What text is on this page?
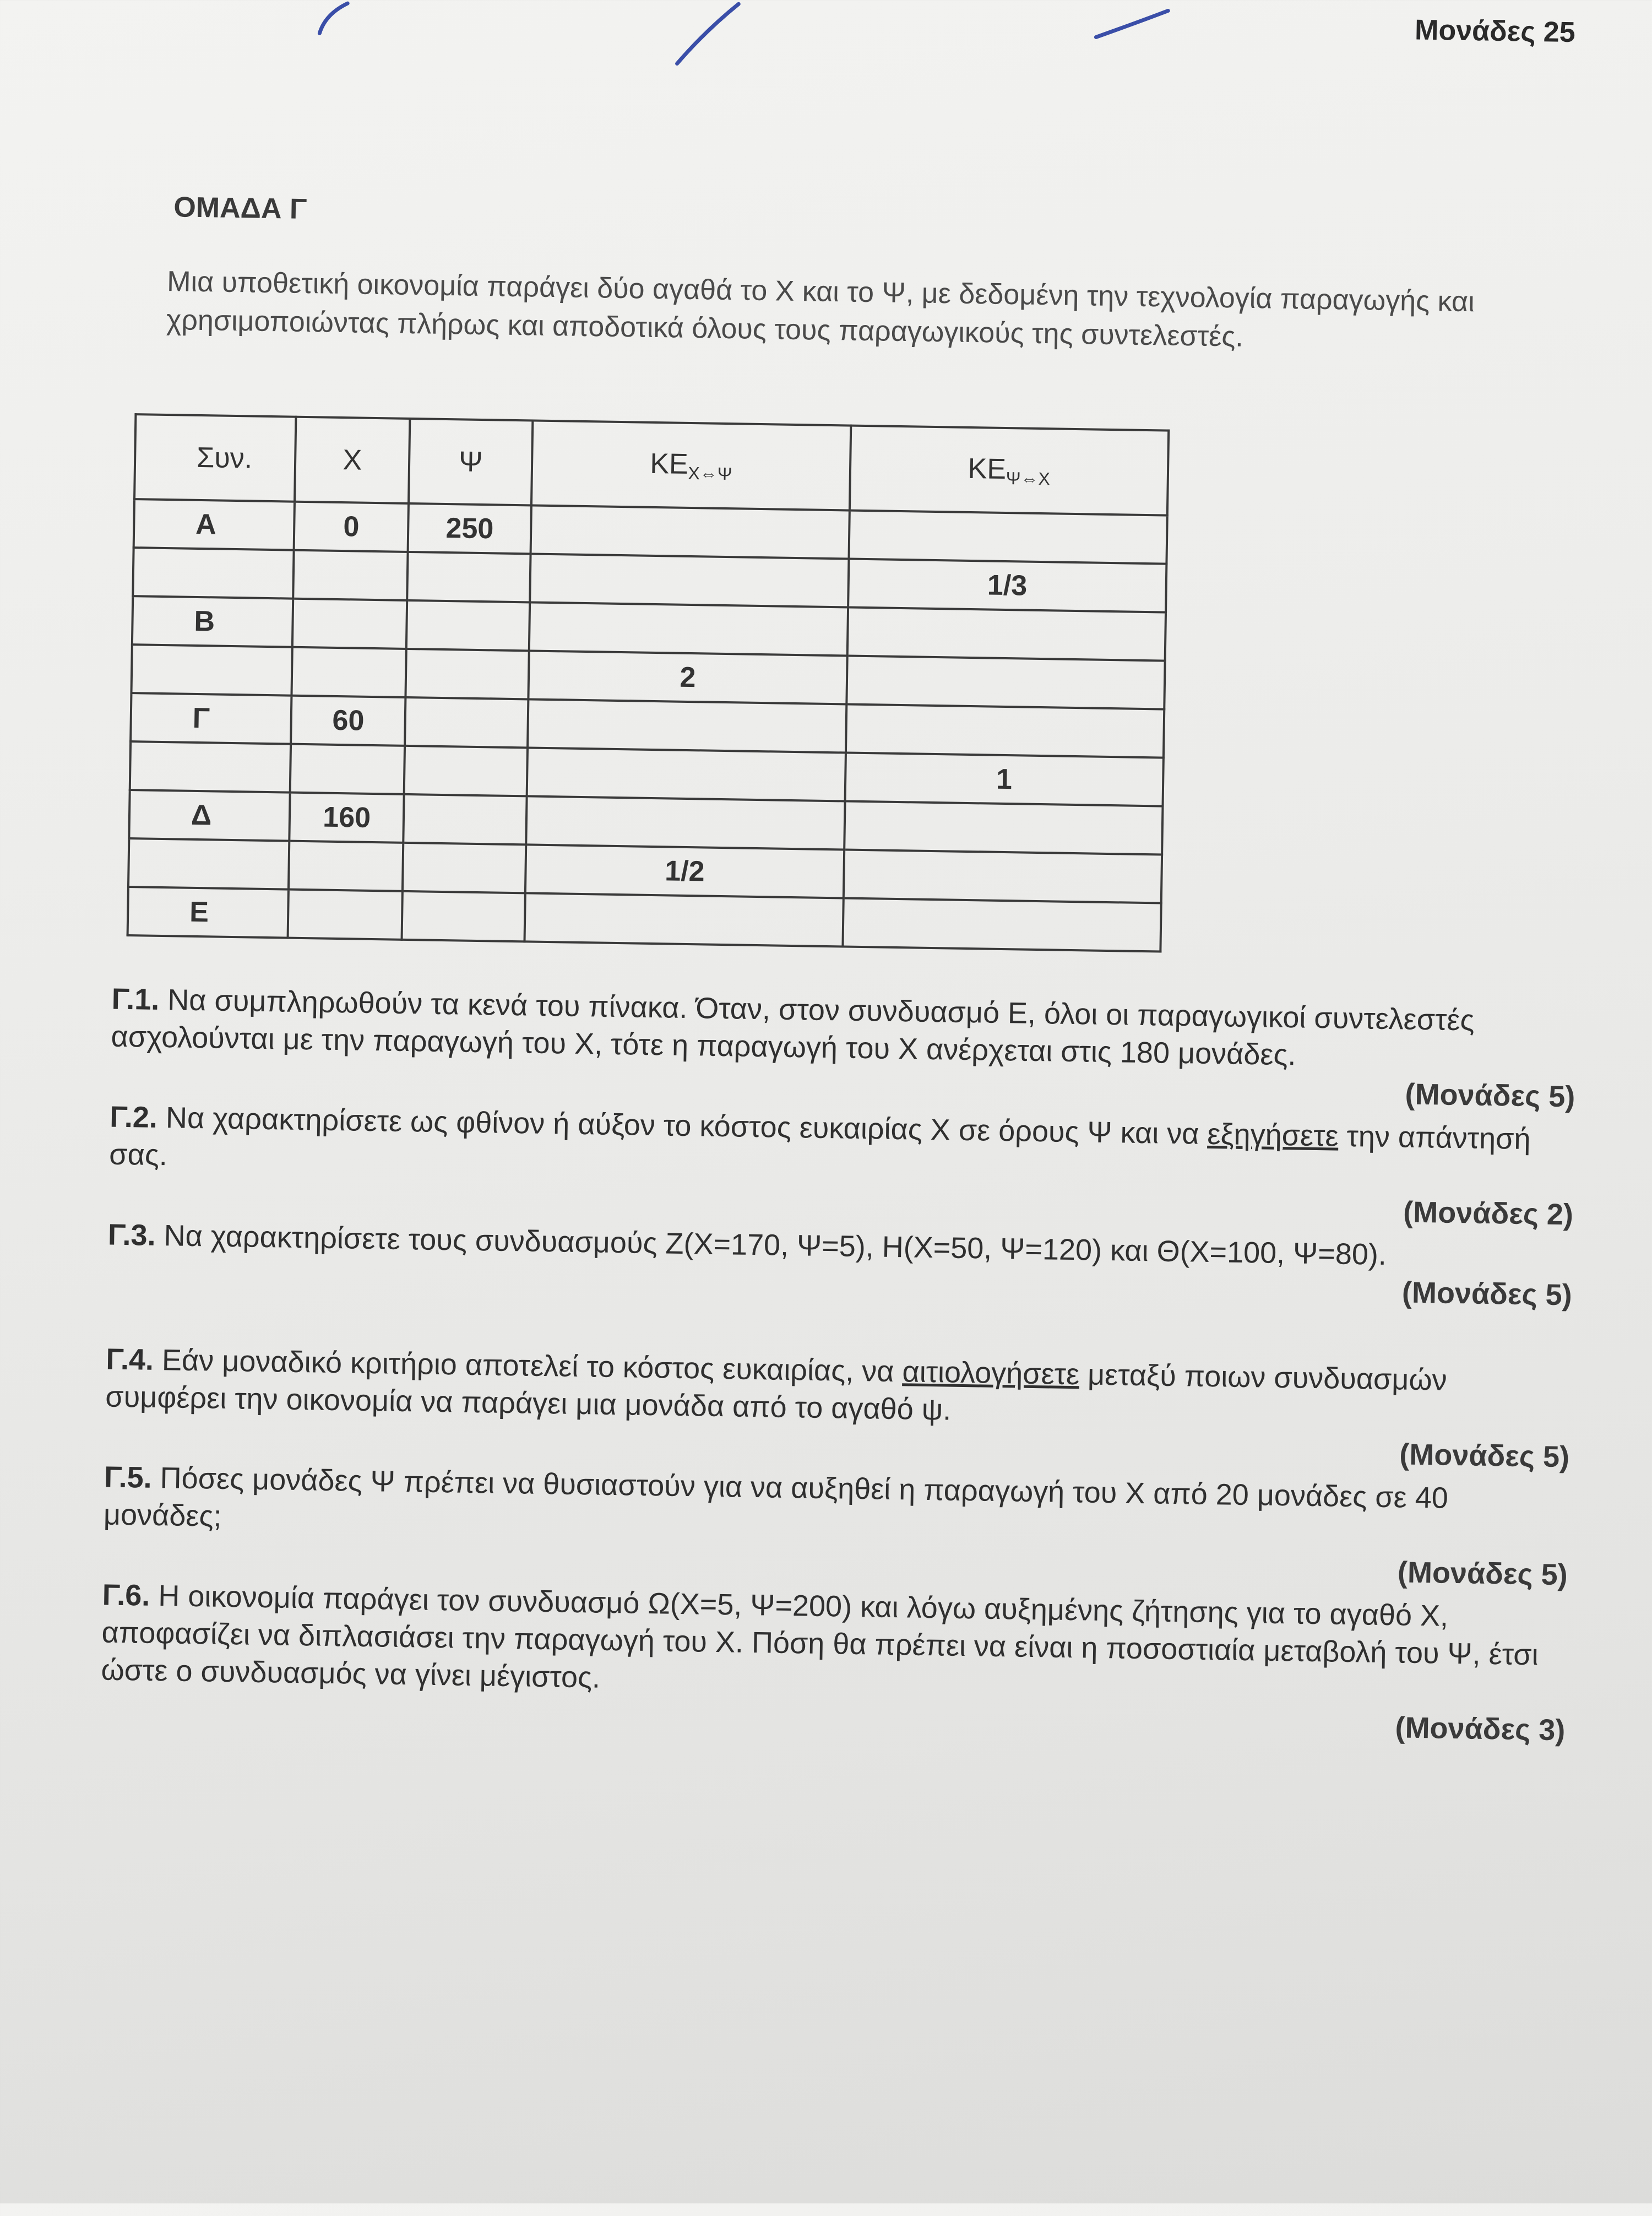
Μονάδες 25
ΟΜΑΔΑ Γ
Μια υποθετική οικονομία παράγει δύο αγαθά το Χ και το Ψ, με δεδομένη την τεχνολογία παραγωγής και χρησιμοποιώντας πλήρως και αποδοτικά όλους τους παραγωγικούς της συντελεστές.
Συν.	Χ	Ψ	$KE_{X\Leftrightarrow\Psi}$	$KE_{\Psi\Leftrightarrow X}$
Α	0	250		
				1/3
Β				
			2	
Γ	60			
				1
Δ	160			
			1/2	
Ε				
Γ.1. Να συμπληρωθούν τα κενά του πίνακα. Όταν, στον συνδυασμό Ε, όλοι οι παραγωγικοί συντελεστές ασχολούνται με την παραγωγή του Χ, τότε η παραγωγή του Χ ανέρχεται στις 180 μονάδες.
(Μονάδες 5)
Γ.2. Να χαρακτηρίσετε ως φθίνον ή αύξον το κόστος ευκαιρίας Χ σε όρους Ψ και να εξηγήσετε την απάντησή σας.
(Μονάδες 2)
Γ.3. Να χαρακτηρίσετε τους συνδυασμούς Ζ(Χ=170, Ψ=5), Η(Χ=50, Ψ=120) και Θ(Χ=100, Ψ=80).
(Μονάδες 5)
Γ.4. Εάν μοναδικό κριτήριο αποτελεί το κόστος ευκαιρίας, να αιτιολογήσετε μεταξύ ποιων συνδυασμών συμφέρει την οικονομία να παράγει μια μονάδα από το αγαθό ψ.
(Μονάδες 5)
Γ.5. Πόσες μονάδες Ψ πρέπει να θυσιαστούν για να αυξηθεί η παραγωγή του Χ από 20 μονάδες σε 40 μονάδες;
(Μονάδες 5)
Γ.6. Η οικονομία παράγει τον συνδυασμό Ω(Χ=5, Ψ=200) και λόγω αυξημένης ζήτησης για το αγαθό Χ, αποφασίζει να διπλασιάσει την παραγωγή του Χ. Πόση θα πρέπει να είναι η ποσοστιαία μεταβολή του Ψ, έτσι ώστε ο συνδυασμός να γίνει μέγιστος.
(Μονάδες 3)
